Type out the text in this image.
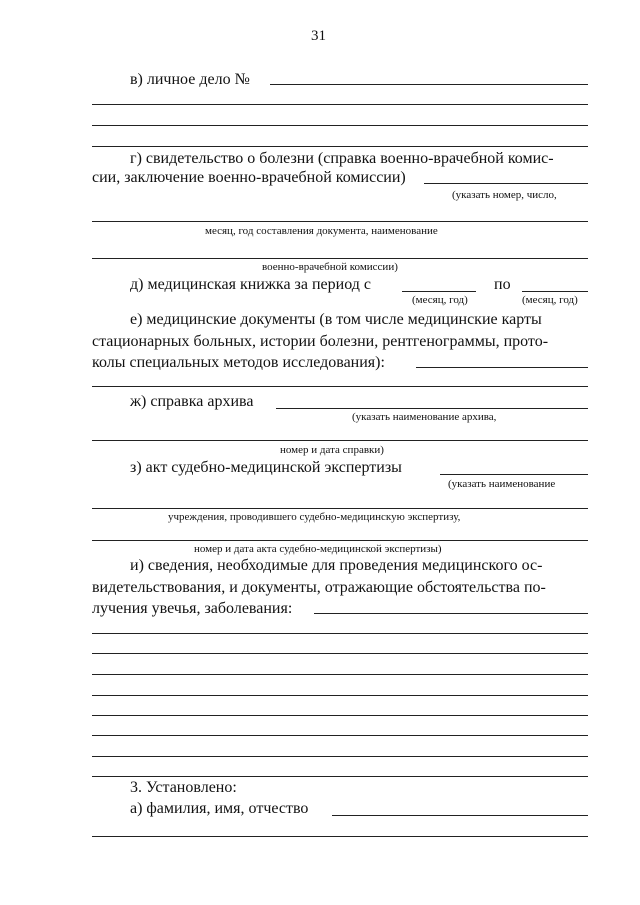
31
в) личное дело №
г) свидетельство о болезни (справка военно-врачебной комис-
сии, заключение военно-врачебной комиссии)
(указать номер, число,
месяц, год составления документа, наименование
военно-врачебной комиссии)
д) медицинская книжка за период с	по
(месяц, год)	(месяц, год)
е) медицинские документы (в том числе медицинские карты
стационарных больных, истории болезни, рентгенограммы, прото-
колы специальных методов исследования):
ж) справка архива
(указать наименование архива,
номер и дата справки)
з) акт судебно-медицинской экспертизы
(указать наименование
учреждения, проводившего судебно-медицинскую экспертизу,
номер и дата акта судебно-медицинской экспертизы)
и) сведения, необходимые для проведения медицинского ос-
видетельствования, и документы, отражающие обстоятельства по-
лучения увечья, заболевания:
3. Установлено:
а) фамилия, имя, отчество
